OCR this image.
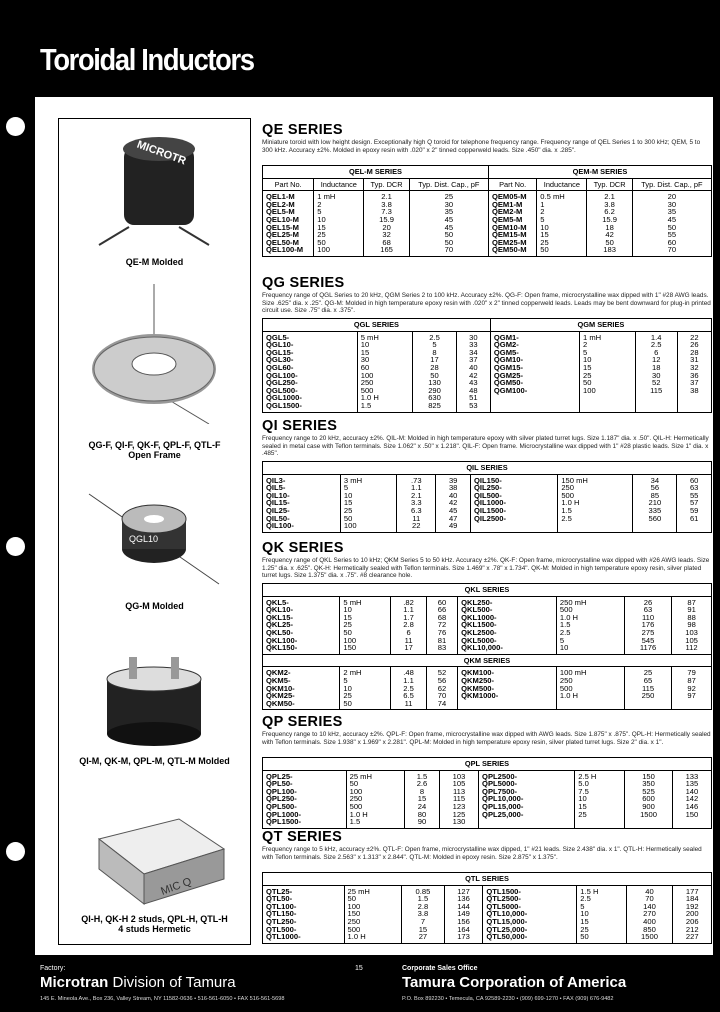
Toroidal Inductors
MICROTR
QE-M Molded
QG-F, QI-F, QK-F, QPL-F, QTL-F
Open Frame
QGL10
QG-M Molded
QI-M, QK-M, QPL-M, QTL-M Molded
MIC Q
QI-H, QK-H 2 studs, QPL-H, QTL-H
4 studs Hermetic
QE SERIES

Miniature toroid with low height design. Exceptionally high Q toroid for telephone frequency range. Frequency range of QEL Series 1 to 300 kHz; QEM, 5 to 300 kHz. Accuracy ±2%. Molded in epoxy resin with .020" x 2" tinned copperweld leads. Size .450" dia. x .285".

QEL-M SERIES				QEM-M SERIES			
Part No.	Inductance	Typ. DCR	Typ. Dist. Cap., pF	Part No.	Inductance	Typ. DCR	Typ. Dist. Cap., pF
QEL1-M	1 mH	2.1	25	QEM05-M	0.5 mH	2.1	20
QEL2-M	2	3.8	30	QEM1-M	1	3.8	30
QEL5-M	5	7.3	35	QEM2-M	2	6.2	35
QEL10-M	10	15.9	45	QEM5-M	5	15.9	45
QEL15-M	15	20	45	QEM10-M	10	18	50
QEL25-M	25	32	50	QEM15-M	15	42	55
QEL50-M	50	68	50	QEM25-M	25	50	60
QEL100-M	100	165	70	QEM50-M	50	183	70
QG SERIES

Frequency range of QGL Series to 20 kHz, QGM Series 2 to 100 kHz. Accuracy ±2%. QG-F: Open frame, microcrystalline wax dipped with 1" #28 AWG leads. Size .625" dia. x .25". QG-M: Molded in high temperature epoxy resin with .020" x 2" tinned copperweld leads. Leads may be bent downward for plug-in printed circuit use. Size .75" dia. x .375".

QGL SERIES				QGM SERIES			
QGL5-	5 mH	2.5	30	QGM1-	1 mH	1.4	22
QGL10-	10	5	33	QGM2-	2	2.5	26
QGL15-	15	8	34	QGM5-	5	6	28
QGL30-	30	17	37	QGM10-	10	12	31
QGL60-	60	28	40	QGM15-	15	18	32
QGL100-	100	50	42	QGM25-	25	30	36
QGL250-	250	130	43	QGM50-	50	52	37
QGL500-	500	290	48	QGM100-	100	115	38
QGL1000-	1.0 H	630	51				
QGL1500-	1.5	825	53				
QI SERIES

Frequency range to 20 kHz, accuracy ±2%. QIL-M: Molded in high temperature epoxy with silver plated turret lugs. Size 1.187" dia. x .50". QIL-H: Hermetically sealed in metal case with Teflon terminals. Size 1.062" x .50" x 1.218". QIL-F: Open frame. Microcrystalline wax dipped with 1" #28 plastic leads. Size 1" dia. x .485".

QIL SERIES							
QIL3-	3 mH	.73	39	QIL150-	150 mH	34	60
QIL5-	5	1.1	38	QIL250-	250	56	63
QIL10-	10	2.1	40	QIL500-	500	85	55
QIL15-	15	3.3	42	QIL1000-	1.0 H	210	57
QIL25-	25	6.3	45	QIL1500-	1.5	335	59
QIL50-	50	11	47	QIL2500-	2.5	560	61
QIL100-	100	22	49				
QK SERIES

Frequency range of QKL Series to 10 kHz; QKM Series 5 to 50 kHz. Accuracy ±2%. QK-F: Open frame, microcrystalline wax dipped with #26 AWG leads. Size 1.25" dia. x .625". QK-H: Hermetically sealed with Teflon terminals. Size 1.469" x .78" x 1.734". QK-M: Molded in high temperature epoxy resin, silver plated turret lugs. Size 1.375" dia. x .75". #8 clearance hole.

QKL SERIES							
QKL5-	5 mH	.82	60	QKL250-	250 mH	26	87
QKL10-	10	1.1	66	QKL500-	500	63	91
QKL15-	15	1.7	68	QKL1000-	1.0 H	110	88
QKL25-	25	2.8	72	QKL1500-	1.5	176	98
QKL50-	50	6	76	QKL2500-	2.5	275	103
QKL100-	100	11	81	QKL5000-	5	545	105
QKL150-	150	17	83	QKL10,000-	10	1176	112
QKM SERIES							
QKM2-	2 mH	.48	52	QKM100-	100 mH	25	79
QKM5-	5	1.1	56	QKM250-	250	65	87
QKM10-	10	2.5	62	QKM500-	500	115	92
QKM25-	25	6.5	70	QKM1000-	1.0 H	250	97
QKM50-	50	11	74				
QP SERIES

Frequency range to 10 kHz, accuracy ±2%. QPL-F: Open frame, microcrystalline wax dipped with AWG leads. Size 1.875" x .875". QPL-H: Hermetically sealed with Teflon terminals. Size 1.938" x 1.969" x 2.281". QPL-M: Molded in high temperature epoxy resin, silver plated turret lugs. Size 2" dia. x 1".

QPL SERIES							
QPL25-	25 mH	1.5	103	QPL2500-	2.5 H	150	133
QPL50-	50	2.6	105	QPL5000-	5.0	350	135
QPL100-	100	8	113	QPL7500-	7.5	525	140
QPL250-	250	15	115	QPL10,000-	10	600	142
QPL500-	500	24	123	QPL15,000-	15	900	146
QPL1000-	1.0 H	80	125	QPL25,000-	25	1500	150
QPL1500-	1.5	90	130				
QT SERIES

Frequency range to 5 kHz, accuracy ±2%. QTL-F: Open frame, microcrystalline wax dipped, 1" #21 leads. Size 2.438" dia. x 1". QTL-H: Hermetically sealed with Teflon terminals. Size 2.563" x 1.313" x 2.844". QTL-M: Molded in epoxy resin. Size 2.875" x 1.375".

QTL SERIES							
QTL25-	25 mH	0.85	127	QTL1500-	1.5 H	40	177
QTL50-	50	1.5	136	QTL2500-	2.5	70	184
QTL100-	100	2.8	144	QTL5000-	5	140	192
QTL150-	150	3.8	149	QTL10,000-	10	270	200
QTL250-	250	7	156	QTL15,000-	15	400	206
QTL500-	500	15	164	QTL25,000-	25	850	212
QTL1000-	1.0 H	27	173	QTL50,000-	50	1500	227
Factory:
Microtran Division of Tamura
145 E. Mineola Ave., Box 236, Valley Stream, NY 11582-0636 • 516-561-6050 • FAX 516-561-5698
15	Corporate Sales Office
Tamura Corporation of America
P.O. Box 892230 • Temecula, CA 92589-2230 • (909) 699-1270 • FAX (909) 676-9482
